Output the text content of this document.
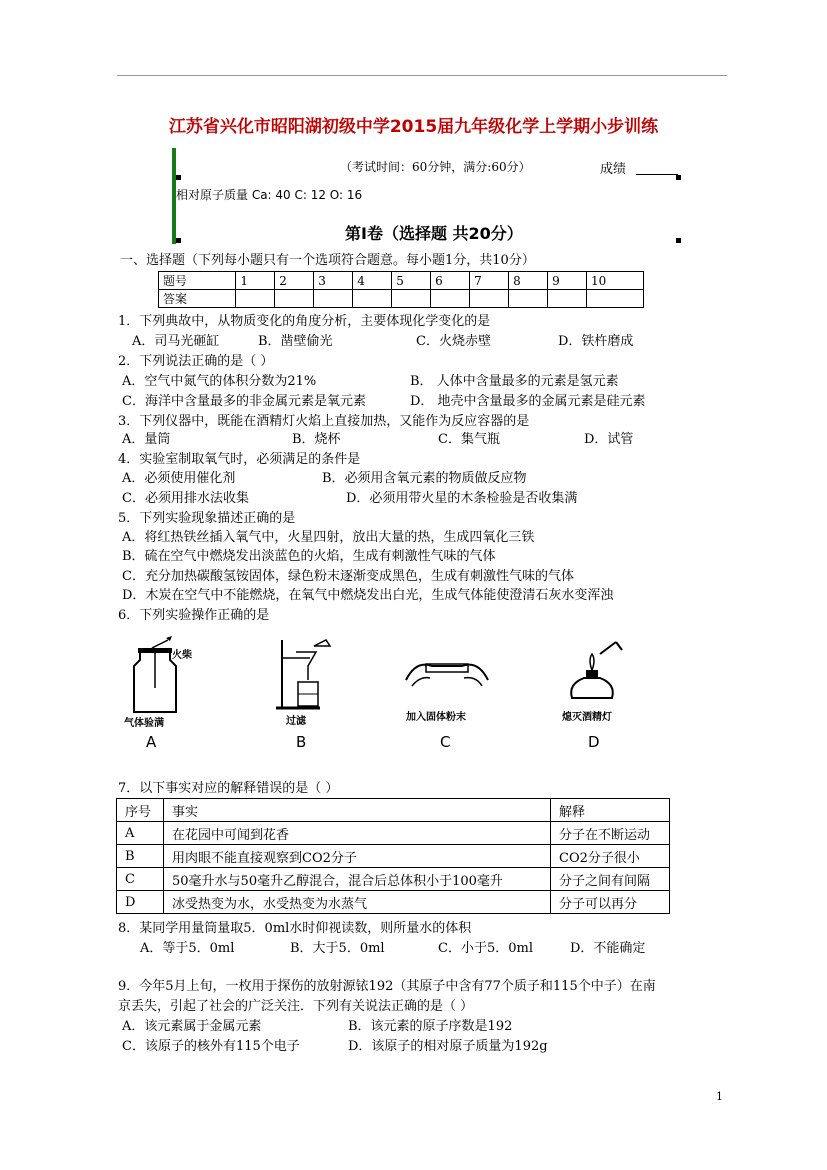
江苏省兴化市昭阳湖初级中学2015届九年级化学上学期小步训练
（考试时间：60分钟，满分:60分）	成绩
相对原子质量 Ca: 40 C: 12 O: 16
第Ⅰ卷（选择题 共20分）
一、选择题（下列每小题只有一个选项符合题意。每小题1分，共10分）
题号	1	2	3	4	5	6	7	8	9	10
答案										
1．下列典故中，从物质变化的角度分析，主要体现化学变化的是
A．司马光砸缸	B．凿壁偷光	C．火烧赤壁	D．铁杵磨成
2．下列说法正确的是（ ）
A．空气中氮气的体积分数为21%	B． 人体中含量最多的元素是氢元素
C．海洋中含量最多的非金属元素是氧元素	D． 地壳中含量最多的金属元素是硅元素
3．下列仪器中，既能在酒精灯火焰上直接加热，又能作为反应容器的是
A．量筒	B．烧杯	C．集气瓶	D．试管
4．实验室制取氧气时，必须满足的条件是
A．必须使用催化剂	B．必须用含氧元素的物质做反应物
C．必须用排水法收集	D．必须用带火星的木条检验是否收集满
5．下列实验现象描述正确的是
A．将红热铁丝插入氧气中，火星四射，放出大量的热，生成四氧化三铁
B．硫在空气中燃烧发出淡蓝色的火焰，生成有刺激性气味的气体
C．充分加热碳酸氢铵固体，绿色粉末逐渐变成黑色，生成有刺激性气味的气体
D．木炭在空气中不能燃烧，在氧气中燃烧发出白光，生成气体能使澄清石灰水变浑浊
6．下列实验操作正确的是
火柴
气体验满
A
过滤
B
加入固体粉末
C
熄灭酒精灯
D
7．以下事实对应的解释错误的是（ ）
序号	事实	解释
A	在花园中可闻到花香	分子在不断运动
B	用肉眼不能直接观察到CO2分子	CO2分子很小
C	50毫升水与50毫升乙醇混合，混合后总体积小于100毫升	分子之间有间隔
D	冰受热变为水，水受热变为水蒸气	分子可以再分
8．某同学用量筒量取5．0ml水时仰视读数，则所量水的体积
A．等于5．0ml	B．大于5．0ml	C．小于5．0ml	D．不能确定
9．今年5月上旬，一枚用于探伤的放射源铱192（其原子中含有77个质子和115个中子）在南
京丢失，引起了社会的广泛关注．下列有关说法正确的是（ ）
A．该元素属于金属元素	B．该元素的原子序数是192
C．该原子的核外有115个电子	D．该原子的相对原子质量为192g
1
